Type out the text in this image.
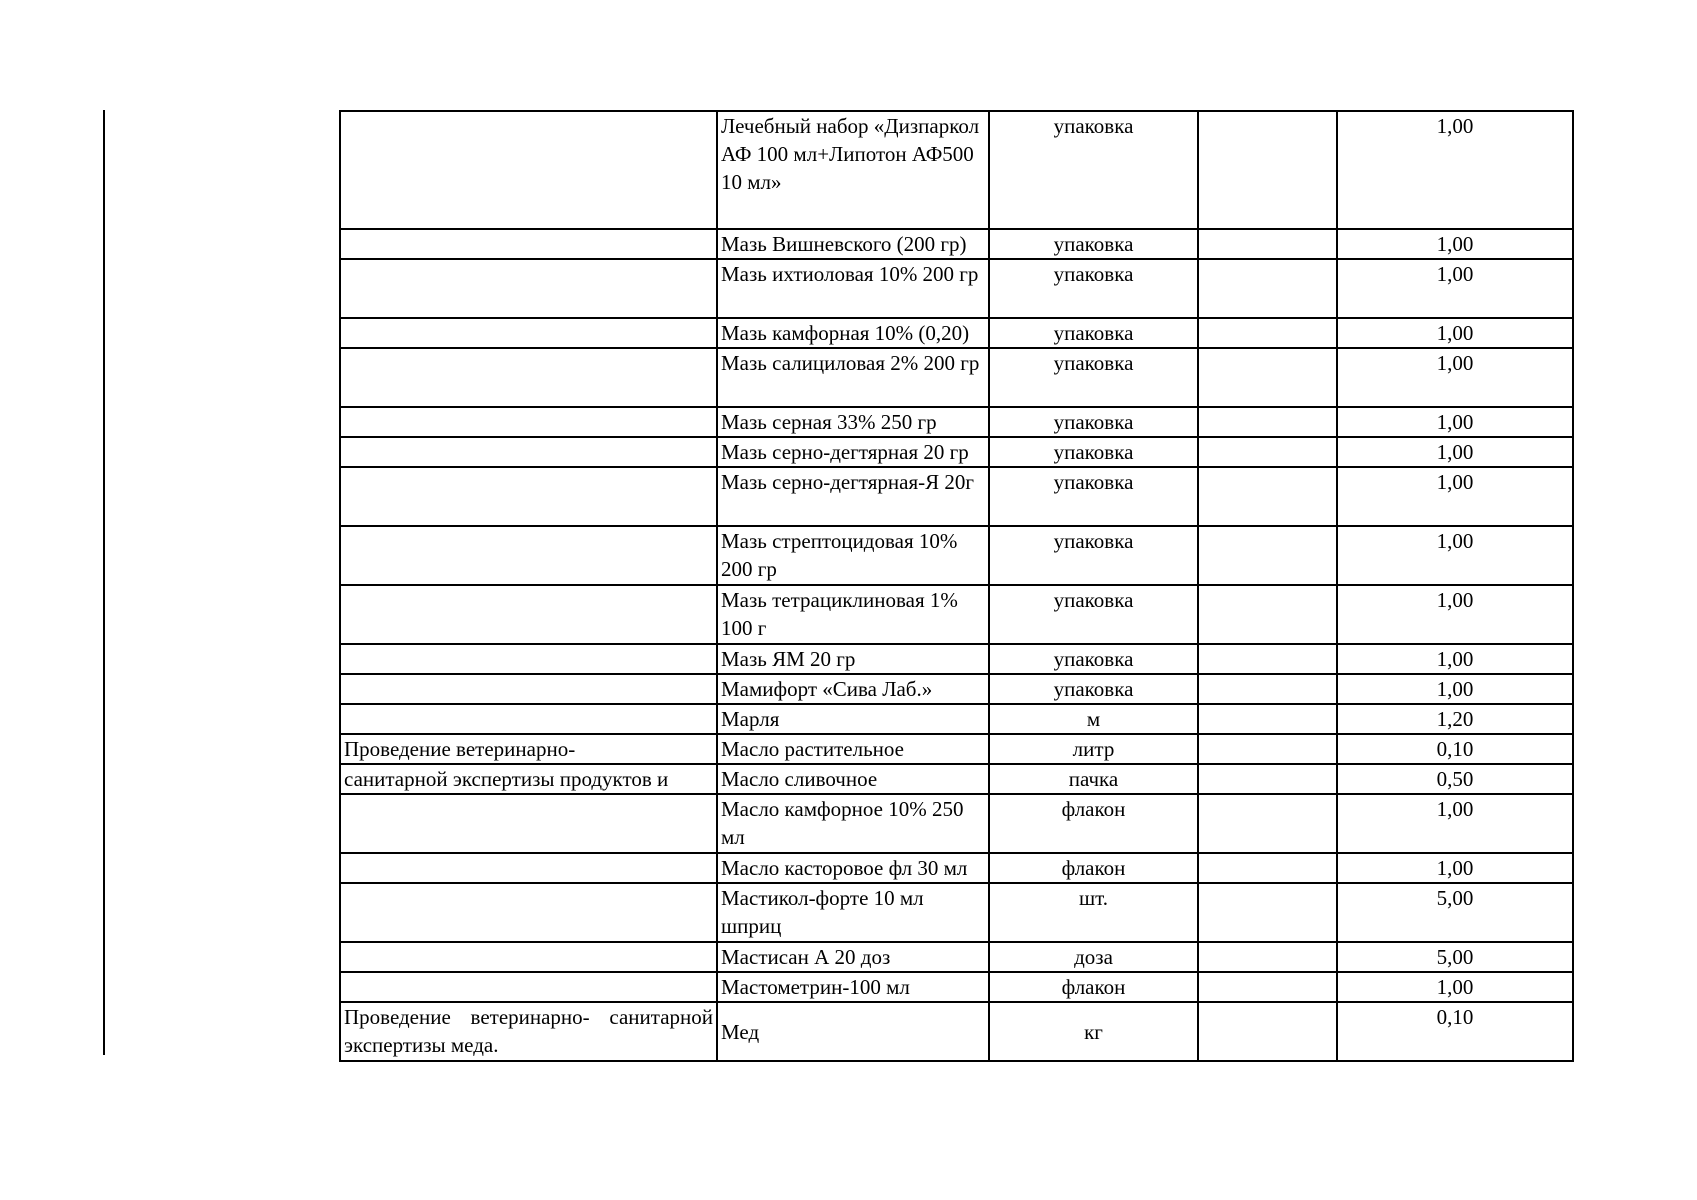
	Лечебный набор «Дизпаркол АФ 100 мл+Липотон АФ500 10 мл»	упаковка		1,00
	Мазь Вишневского (200 гр)	упаковка		1,00
	Мазь ихтиоловая 10% 200 гр	упаковка		1,00
	Мазь камфорная 10% (0,20)	упаковка		1,00
	Мазь салициловая 2% 200 гр	упаковка		1,00
	Мазь серная 33% 250 гр	упаковка		1,00
	Мазь серно-дегтярная 20 гр	упаковка		1,00
	Мазь серно-дегтярная-Я 20г	упаковка		1,00
	Мазь стрептоцидовая 10% 200 гр	упаковка		1,00
	Мазь тетрациклиновая 1% 100 г	упаковка		1,00
	Мазь ЯМ 20 гр	упаковка		1,00
	Мамифорт «Сива Лаб.»	упаковка		1,00
	Марля	м		1,20
Проведение ветеринарно-	Масло растительное	литр		0,10
санитарной экспертизы продуктов и	Масло сливочное	пачка		0,50
	Масло камфорное 10% 250 мл	флакон		1,00
	Масло касторовое фл 30 мл	флакон		1,00
	Мастикол-форте 10 мл шприц	шт.		5,00
	Мастисан А 20 доз	доза		5,00
	Мастометрин-100 мл	флакон		1,00
Проведение ветеринарно- санитарной экспертизы меда.	Мед	кг		0,10
